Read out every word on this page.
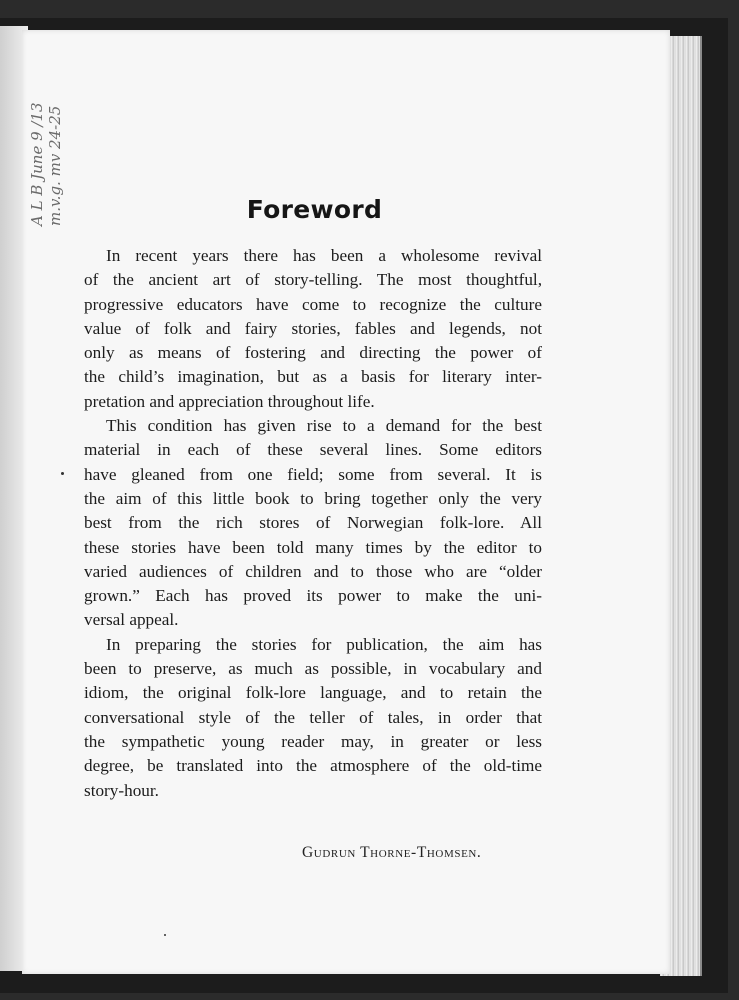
A L B June 9 /13
m.v.g. mv 24-25	Foreword
In recent years there has been a wholesome revival
of the ancient art of story-telling. The most thoughtful,
progressive educators have come to recognize the culture
value of folk and fairy stories, fables and legends, not
only as means of fostering and directing the power of
the child’s imagination, but as a basis for literary inter-
pretation and appreciation throughout life.
This condition has given rise to a demand for the best
material in each of these several lines. Some editors
have gleaned from one field; some from several. It is
the aim of this little book to bring together only the very
best from the rich stores of Norwegian folk-lore. All
these stories have been told many times by the editor to
varied audiences of children and to those who are “older
grown.” Each has proved its power to make the uni-
versal appeal.
In preparing the stories for publication, the aim has
been to preserve, as much as possible, in vocabulary and
idiom, the original folk-lore language, and to retain the
conversational style of the teller of tales, in order that
the sympathetic young reader may, in greater or less
degree, be translated into the atmosphere of the old-time
story-hour.
Gudrun Thorne-Thomsen.
